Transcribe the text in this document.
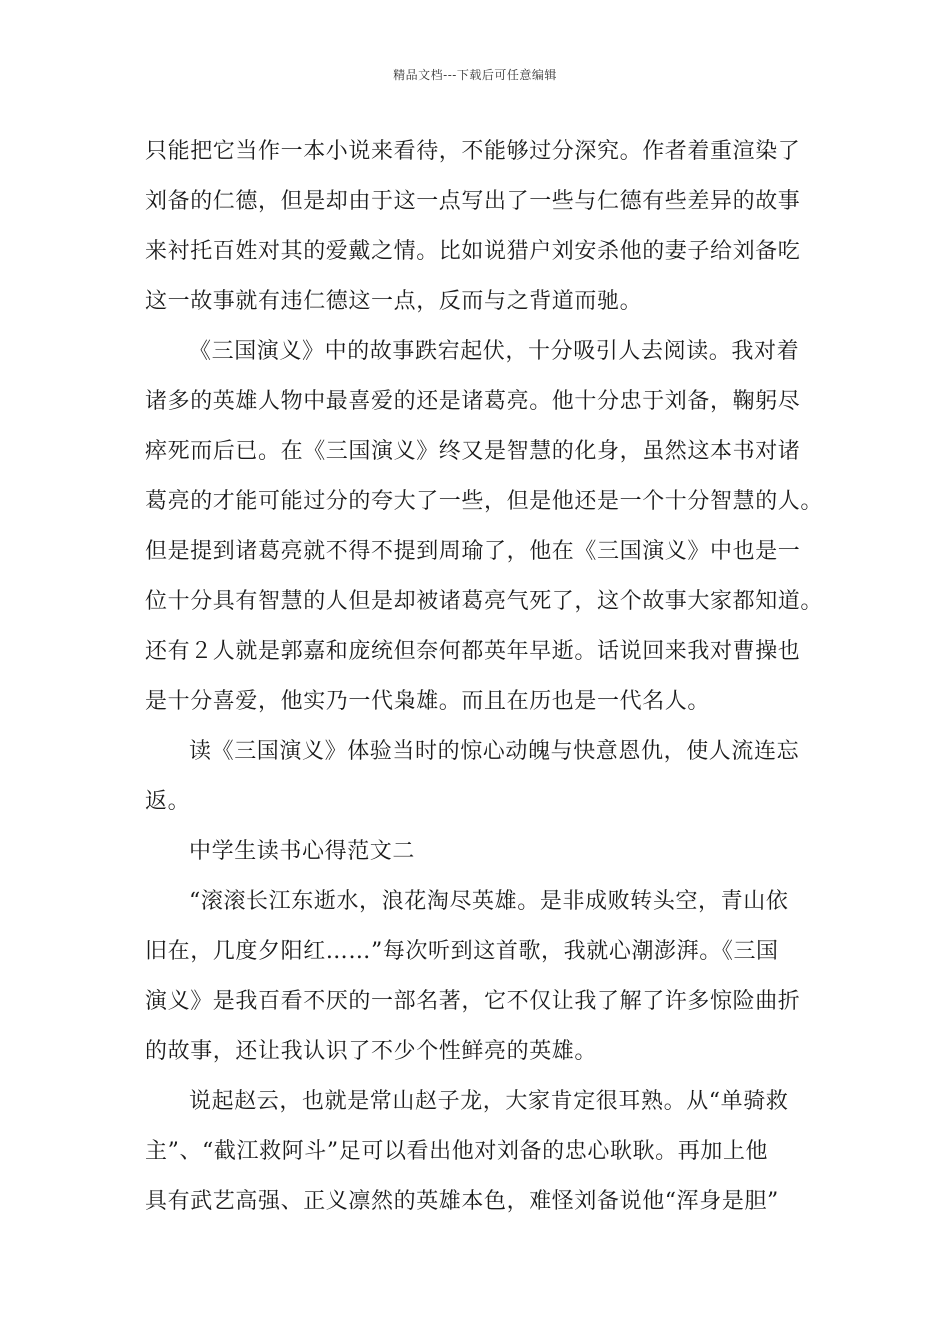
精品文档---下载后可任意编辑
只能把它当作一本小说来看待，不能够过分深究。作者着重渲染了
刘备的仁德，但是却由于这一点写出了一些与仁德有些差异的故事
来衬托百姓对其的爱戴之情。比如说猎户刘安杀他的妻子给刘备吃
这一故事就有违仁德这一点，反而与之背道而驰。
《三国演义》中的故事跌宕起伏，十分吸引人去阅读。我对着
诸多的英雄人物中最喜爱的还是诸葛亮。他十分忠于刘备，鞠躬尽
瘁死而后已。在《三国演义》终又是智慧的化身，虽然这本书对诸
葛亮的才能可能过分的夸大了一些，但是他还是一个十分智慧的人。
但是提到诸葛亮就不得不提到周瑜了，他在《三国演义》中也是一
位十分具有智慧的人但是却被诸葛亮气死了，这个故事大家都知道。
还有２人就是郭嘉和庞统但奈何都英年早逝。话说回来我对曹操也
是十分喜爱，他实乃一代枭雄。而且在历也是一代名人。
读《三国演义》体验当时的惊心动魄与快意恩仇，使人流连忘
返。
中学生读书心得范文二
“滚滚长江东逝水，浪花淘尽英雄。是非成败转头空，青山依
旧在，几度夕阳红……”每次听到这首歌，我就心潮澎湃。《三国
演义》是我百看不厌的一部名著，它不仅让我了解了许多惊险曲折
的故事，还让我认识了不少个性鲜亮的英雄。
说起赵云，也就是常山赵子龙，大家肯定很耳熟。从“单骑救
主”、“截江救阿斗”足可以看出他对刘备的忠心耿耿。再加上他
具有武艺高强、正义凛然的英雄本色，难怪刘备说他“浑身是胆”
